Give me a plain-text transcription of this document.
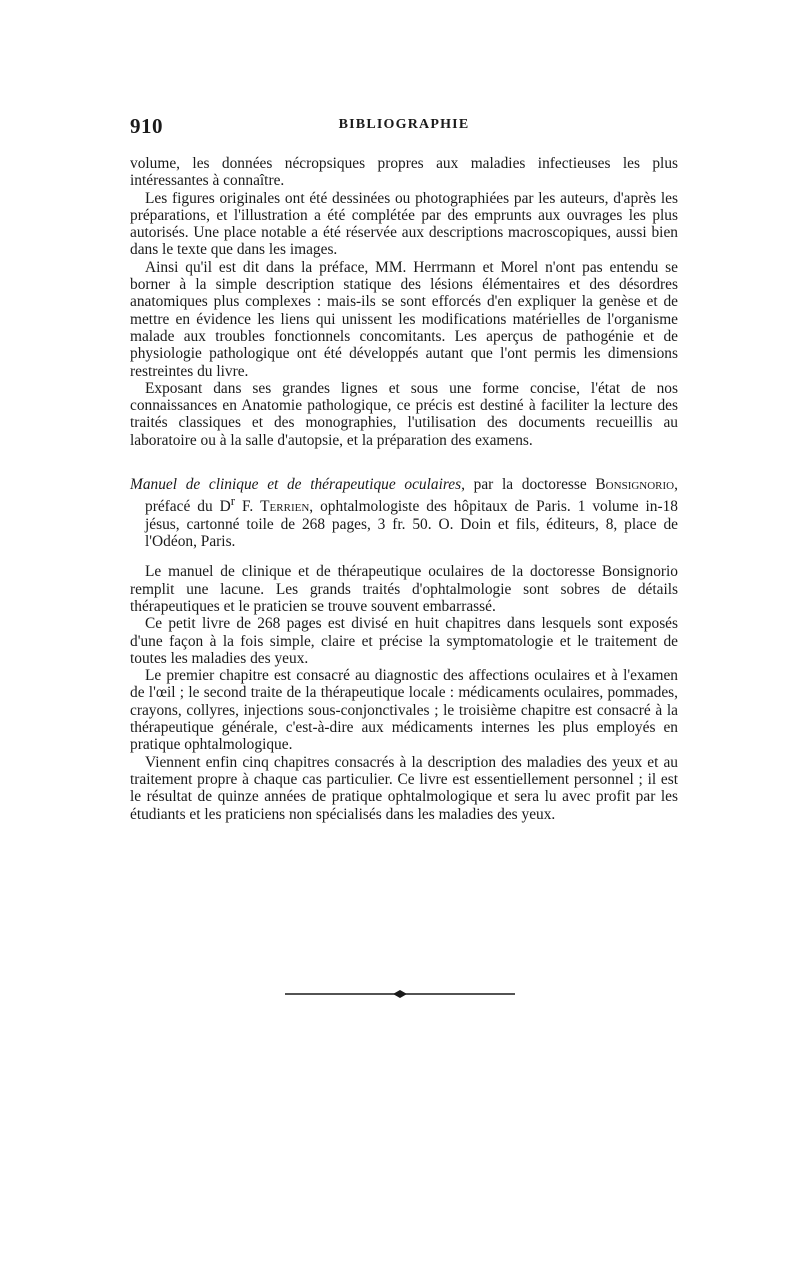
910	BIBLIOGRAPHIE

volume, les données nécropsiques propres aux maladies infectieuses les plus intéressantes à connaître.

Les figures originales ont été dessinées ou photographiées par les auteurs, d'après les préparations, et l'illustration a été complétée par des emprunts aux ouvrages les plus autorisés. Une place notable a été réservée aux descriptions macroscopiques, aussi bien dans le texte que dans les images.

Ainsi qu'il est dit dans la préface, MM. Herrmann et Morel n'ont pas entendu se borner à la simple description statique des lésions élémentaires et des désordres anatomiques plus complexes : mais-ils se sont efforcés d'en expliquer la genèse et de mettre en évidence les liens qui unissent les modifications matérielles de l'organisme malade aux troubles fonctionnels concomitants. Les aperçus de pathogénie et de physiologie pathologique ont été développés autant que l'ont permis les dimensions restreintes du livre.

Exposant dans ses grandes lignes et sous une forme concise, l'état de nos connaissances en Anatomie pathologique, ce précis est destiné à faciliter la lecture des traités classiques et des monographies, l'utilisation des documents recueillis au laboratoire ou à la salle d'autopsie, et la préparation des examens.

Manuel de clinique et de thérapeutique oculaires, par la doctoresse Bonsignorio, préfacé du $D^r$ F. Terrien, ophtalmologiste des hôpitaux de Paris. 1 volume in-18 jésus, cartonné toile de 268 pages, 3 fr. 50. O. Doin et fils, éditeurs, 8, place de l'Odéon, Paris.

Le manuel de clinique et de thérapeutique oculaires de la doctoresse Bonsignorio remplit une lacune. Les grands traités d'ophtalmologie sont sobres de détails thérapeutiques et le praticien se trouve souvent embarrassé.

Ce petit livre de 268 pages est divisé en huit chapitres dans lesquels sont exposés d'une façon à la fois simple, claire et précise la symptomatologie et le traitement de toutes les maladies des yeux.

Le premier chapitre est consacré au diagnostic des affections oculaires et à l'examen de l'œil ; le second traite de la thérapeutique locale : médicaments oculaires, pommades, crayons, collyres, injections sous-conjonctivales ; le troisième chapitre est consacré à la thérapeutique générale, c'est-à-dire aux médicaments internes les plus employés en pratique ophtalmologique.

Viennent enfin cinq chapitres consacrés à la description des maladies des yeux et au traitement propre à chaque cas particulier. Ce livre est essentiellement personnel ; il est le résultat de quinze années de pratique ophtalmologique et sera lu avec profit par les étudiants et les praticiens non spécialisés dans les maladies des yeux.
